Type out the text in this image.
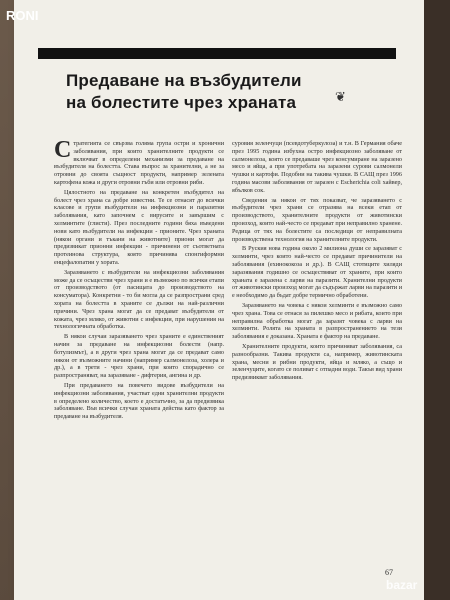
RONI
Предаване на възбудители
на болестите чрез храната	❦

Стратегията се свързва голяма група остри и хронични заболявания, при които хранителните продукти се включват в определени механизми за предаване на възбудителя на болестта. Става въпрос за хранителни, а не за отровни до своята същност продукти, например зелената картофена кожа и други отровни гъби или отровни риби.

Цялостното на предаване на конкретен възбудител на болест чрез храна са добре известни. Те се отнасят до всички класове и групи възбудители на инфекциозни и паразитни заболявания, като започнем с вирусите и завършим с хелминтите (глисти). През последните години бяха въведени нови като възбудители на инфекции - прионите. Чрез храната (някои органи и тъкани на животните) приони могат да предизвикат прионни инфекции - причинени от съответната протеинова структура, която причинява спонгиформни енцефалопатии у хората.

Заразяването с възбудители на инфекциозни заболявания може да се осъществи чрез храни и е възможно по всички етапи от производството (от пасищата до производството на консуматора). Конкретни - то би могла да се разпространи сред хората на болестта в храните се дължи на най-различни причини. Чрез храна могат да се предават възбудители от кожата, чрез мляко, от животни с инфекции, при нарушения на технологичната обработка.

В някои случаи заразяването чрез храните е единственият начин за предаване на инфекциозни болести (напр. ботулизмът), а в други чрез храна могат да се предават само някои от възможните начини (например салмонелоза, холера и др.), а в трети - чрез храни, при които спорадично се разпространяват, на заразяване - дифтерия, ангина и др.

При предаването на повечето видове възбудители на инфекциозни заболявания, участват едни хранителни продукти в определено количество, което е достатъчно, за да предизвика заболяване. Във всички случаи храната действа като фактор за предаване на възбудителя.

суровия зеленчуци (псевдотуберкулоза) и т.н. В Германия обаче през 1995 година избухна остро инфекциозно заболяване от салмонелоза, която се предаваше чрез консумиране на заразено месо и яйца, а при употребата на заразени сурови салмонели чушки и картофи. Подобни на такива чушки. В САЩ през 1996 година масови заболявания от заразен с Escherichia coli хайвер, ябълков сок.

Сведения за някои от тях показват, че заразяването с възбудители чрез храни се отразява на всеки етап от производството, хранителните продукти от животински произход, които най-често се предават при неправилно хранене. Редица от тях на болестите са последици от неправилната производствена технология на хранителните продукти.

В Руския нова година около 2 милиона души се заразяват с хелминти, чрез които най-често се предават причинители на заболявания (ехинококоза и др.). В САЩ стотиците хиляди заразявания годишно се осъществяват от храните, при които храната е заразена с ларви на паразити. Хранителни продукти от животински произход могат да съдържат ларви на паразити и е необходимо да бъдат добре термично обработени.

Заразяването на човека с някои хелминти е възможно само чрез храна. Това се отнася за пилешко месо и рибата, които при неправилна обработка могат да заразят човека с ларви на хелминти. Ролята на храната в разпространението на тези заболявания е доказана. Храната е фактор на предаване.

Хранителните продукти, които причиняват заболявания, са разнообразни. Такива продукти са, например, животинската храна, месни и рибни продукти, яйца и мляко, а също и зеленчуците, когато се поливат с отпадни води. Такъв вид храни предизвикват заболявания.

67
bazar
